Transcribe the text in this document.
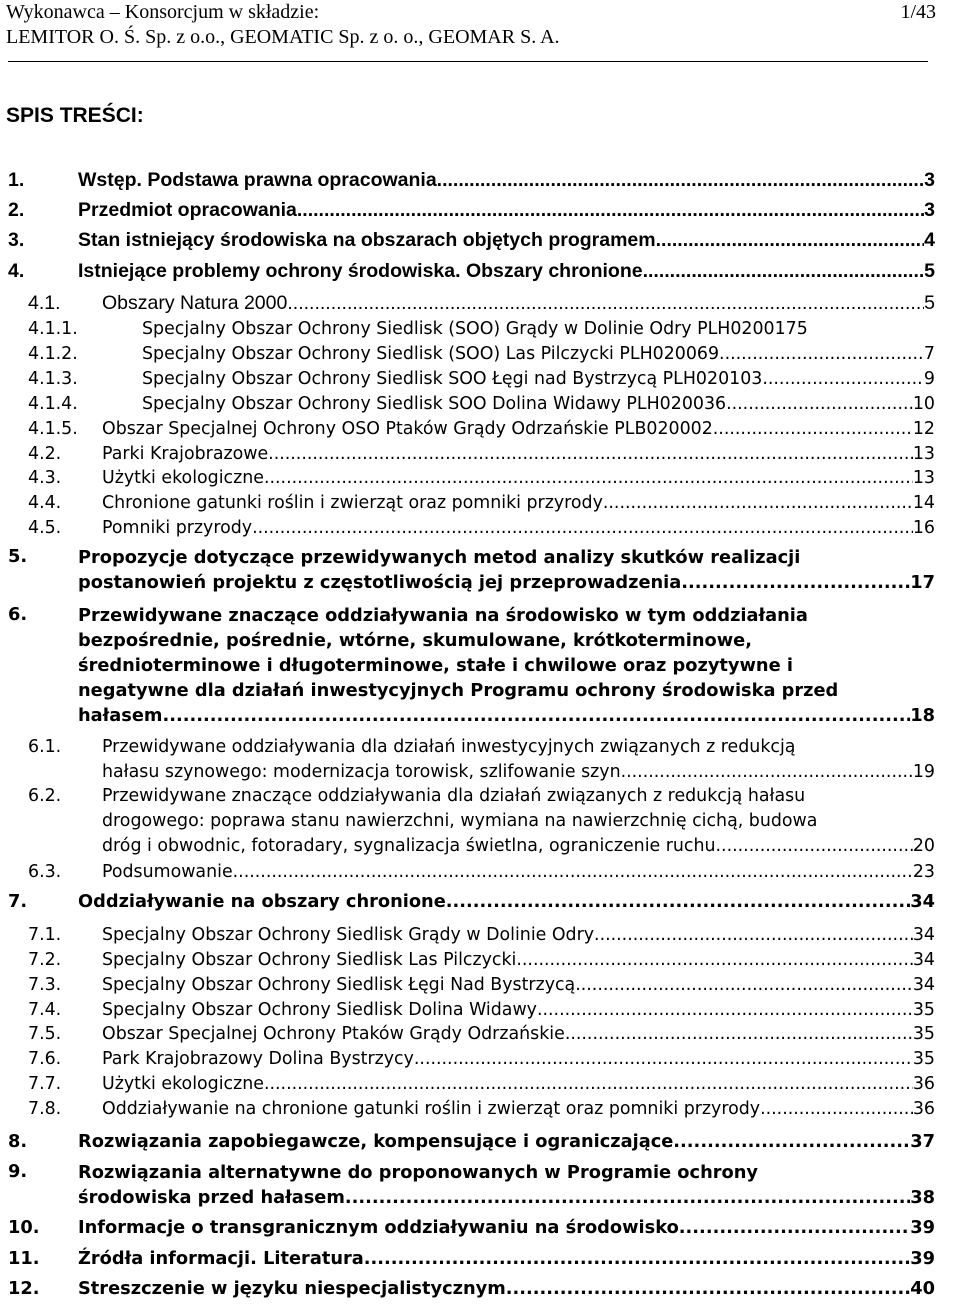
Wykonawca – Konsorcjum w składzie:	1/43
LEMITOR O. Ś. Sp. z o.o., GEOMATIC Sp. z o. o., GEOMAR S. A.
SPIS TREŚCI:
1.	Wstęp. Podstawa prawna opracowania .....	3
2.	Przedmiot opracowania .....	3
3.	Stan istniejący środowiska na obszarach objętych programem .....	4
4.	Istniejące problemy ochrony środowiska. Obszary chronione .....	5
4.1. Obszary Natura 2000 .....	5
4.1.1.	Specjalny Obszar Ochrony Siedlisk (SOO) Grądy w Dolinie Odry PLH0200175
4.1.2.	Specjalny Obszar Ochrony Siedlisk (SOO) Las Pilczycki PLH020069 .....	7
4.1.3.	Specjalny Obszar Ochrony Siedlisk SOO Łęgi nad Bystrzycą PLH020103 .....	9
4.1.4.	Specjalny Obszar Ochrony Siedlisk SOO Dolina Widawy PLH020036 .....	10
4.1.5. Obszar Specjalnej Ochrony OSO Ptaków Grądy Odrzańskie PLB020002 .....	12
4.2. Parki Krajobrazowe .....	13
4.3. Użytki ekologiczne .....	13
4.4. Chronione gatunki roślin i zwierząt oraz pomniki przyrody .....	14
4.5. Pomniki przyrody .....	16
5.	Propozycje dotyczące przewidywanych metod analizy skutków realizacji
postanowień projektu z częstotliwością jej przeprowadzenia .....	17
6.	Przewidywane znaczące oddziaływania na środowisko w tym oddziałania
bezpośrednie, pośrednie, wtórne, skumulowane, krótkoterminowe,
średnioterminowe i długoterminowe, stałe i chwilowe oraz pozytywne i
negatywne dla działań inwestycyjnych Programu ochrony środowiska przed
hałasem .....	18
6.1. Przewidywane oddziaływania dla działań inwestycyjnych związanych z redukcją
hałasu szynowego: modernizacja torowisk, szlifowanie szyn .....	19
6.2. Przewidywane znaczące oddziaływania dla działań związanych z redukcją hałasu
drogowego: poprawa stanu nawierzchni, wymiana na nawierzchnię cichą, budowa
dróg i obwodnic, fotoradary, sygnalizacja świetlna, ograniczenie ruchu .....	20
6.3. Podsumowanie .....	23
7.	Oddziaływanie na obszary chronione .....	34
7.1. Specjalny Obszar Ochrony Siedlisk Grądy w Dolinie Odry .....	34
7.2. Specjalny Obszar Ochrony Siedlisk Las Pilczycki .....	34
7.3. Specjalny Obszar Ochrony Siedlisk Łęgi Nad Bystrzycą .....	34
7.4. Specjalny Obszar Ochrony Siedlisk Dolina Widawy .....	35
7.5. Obszar Specjalnej Ochrony Ptaków Grądy Odrzańskie .....	35
7.6. Park Krajobrazowy Dolina Bystrzycy .....	35
7.7. Użytki ekologiczne .....	36
7.8. Oddziaływanie na chronione gatunki roślin i zwierząt oraz pomniki przyrody .....	36
8.	Rozwiązania zapobiegawcze, kompensujące i ograniczające .....	37
9.	Rozwiązania alternatywne do proponowanych w Programie ochrony
środowiska przed hałasem .....	38
10. Informacje o transgranicznym oddziaływaniu na środowisko .....	39
11. Źródła informacji. Literatura .....	39
12. Streszczenie w języku niespecjalistycznym .....	40
